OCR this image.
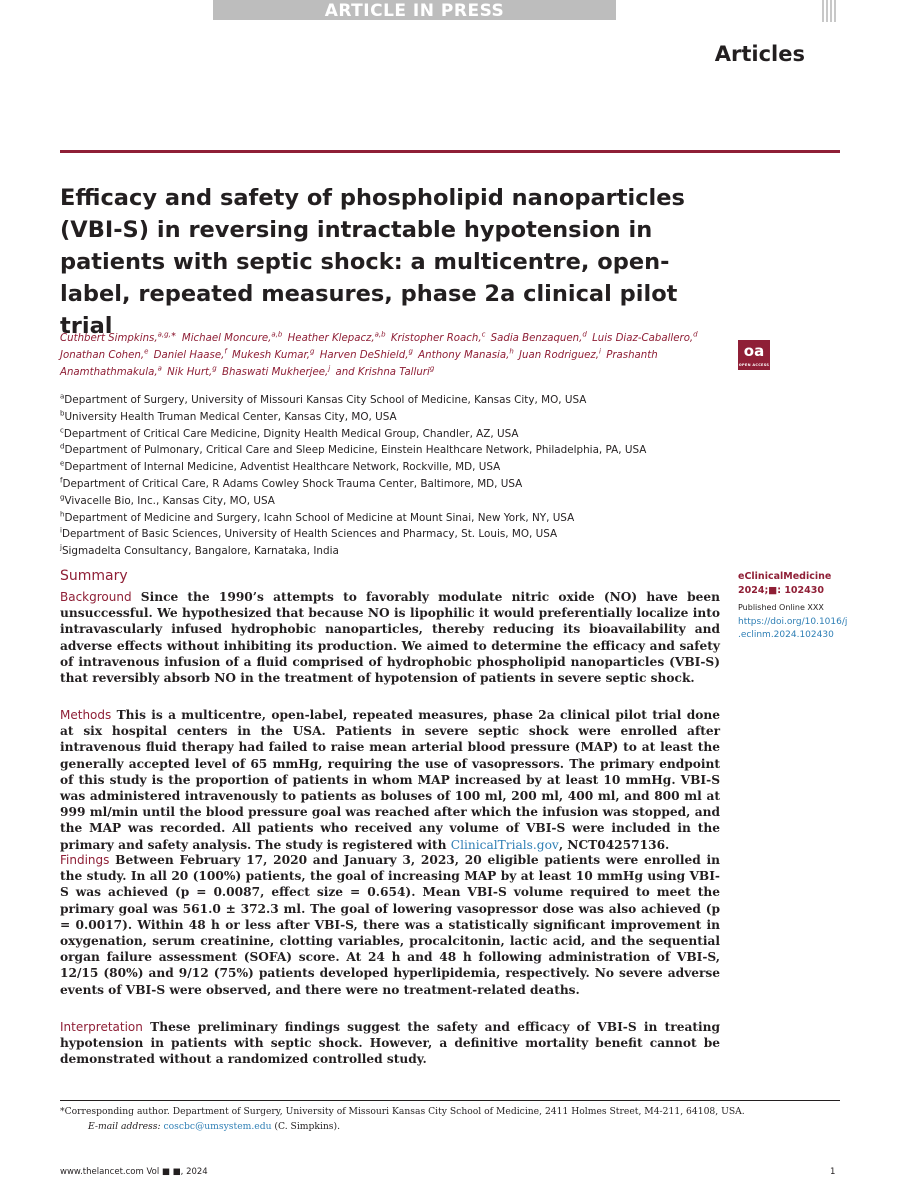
ARTICLE IN PRESS
Articles
Efficacy and safety of phospholipid nanoparticles (VBI-S) in reversing intractable hypotension in patients with septic shock: a multicentre, open-label, repeated measures, phase 2a clinical pilot trial
Cuthbert Simpkins,$^{a,g,∗}$ Michael Moncure,$^{a,b}$ Heather Klepacz,$^{a,b}$ Kristopher Roach,$^c$ Sadia Benzaquen,$^d$ Luis Diaz-Caballero,$^d$ Jonathan Cohen,$^e$ Daniel Haase,$^f$ Mukesh Kumar,$^g$ Harven DeShield,$^g$ Anthony Manasia,$^h$ Juan Rodriguez,$^i$ Prashanth Anamthathmakula,$^a$ Nik Hurt,$^g$ Bhaswati Mukherjee,$^j$ and Krishna Talluri$^g$
oa
OPEN ACCESS
$^a$Department of Surgery, University of Missouri Kansas City School of Medicine, Kansas City, MO, USA
$^b$University Health Truman Medical Center, Kansas City, MO, USA
$^c$Department of Critical Care Medicine, Dignity Health Medical Group, Chandler, AZ, USA
$^d$Department of Pulmonary, Critical Care and Sleep Medicine, Einstein Healthcare Network, Philadelphia, PA, USA
$^e$Department of Internal Medicine, Adventist Healthcare Network, Rockville, MD, USA
$^f$Department of Critical Care, R Adams Cowley Shock Trauma Center, Baltimore, MD, USA
$^g$Vivacelle Bio, Inc., Kansas City, MO, USA
$^h$Department of Medicine and Surgery, Icahn School of Medicine at Mount Sinai, New York, NY, USA
$^i$Department of Basic Sciences, University of Health Sciences and Pharmacy, St. Louis, MO, USA
$^j$Sigmadelta Consultancy, Bangalore, Karnataka, India
Summary

Background Since the 1990’s attempts to favorably modulate nitric oxide (NO) have been unsuccessful. We hypothesized that because NO is lipophilic it would preferentially localize into intravascularly infused hydrophobic nanoparticles, thereby reducing its bioavailability and adverse effects without inhibiting its production. We aimed to determine the efficacy and safety of intravenous infusion of a fluid comprised of hydrophobic phospholipid nanoparticles (VBI-S) that reversibly absorb NO in the treatment of hypotension of patients in severe septic shock.

Methods This is a multicentre, open-label, repeated measures, phase 2a clinical pilot trial done at six hospital centers in the USA. Patients in severe septic shock were enrolled after intravenous fluid therapy had failed to raise mean arterial blood pressure (MAP) to at least the generally accepted level of 65 mmHg, requiring the use of vasopressors. The primary endpoint of this study is the proportion of patients in whom MAP increased by at least 10 mmHg. VBI-S was administered intravenously to patients as boluses of 100 ml, 200 ml, 400 ml, and 800 ml at 999 ml/min until the blood pressure goal was reached after which the infusion was stopped, and the MAP was recorded. All patients who received any volume of VBI-S were included in the primary and safety analysis. The study is registered with ClinicalTrials.gov, NCT04257136.

Findings Between February 17, 2020 and January 3, 2023, 20 eligible patients were enrolled in the study. In all 20 (100%) patients, the goal of increasing MAP by at least 10 mmHg using VBI-S was achieved (p = 0.0087, effect size = 0.654). Mean VBI-S volume required to meet the primary goal was 561.0 ± 372.3 ml. The goal of lowering vasopressor dose was also achieved (p = 0.0017). Within 48 h or less after VBI-S, there was a statistically significant improvement in oxygenation, serum creatinine, clotting variables, procalcitonin, lactic acid, and the sequential organ failure assessment (SOFA) score. At 24 h and 48 h following administration of VBI-S, 12/15 (80%) and 9/12 (75%) patients developed hyperlipidemia, respectively. No severe adverse events of VBI-S were observed, and there were no treatment-related deaths.

Interpretation These preliminary findings suggest the safety and efficacy of VBI-S in treating hypotension in patients with septic shock. However, a definitive mortality benefit cannot be demonstrated without a randomized controlled study.

eClinicalMedicine 2024;■: 102430
Published Online XXX
https://doi.org/10.1016/j.eclinm.2024.102430
*Corresponding author. Department of Surgery, University of Missouri Kansas City School of Medicine, 2411 Holmes Street, M4-211, 64108, USA.
E-mail address: coscbc@umsystem.edu (C. Simpkins).
www.thelancet.com Vol ■ ■, 2024	1
